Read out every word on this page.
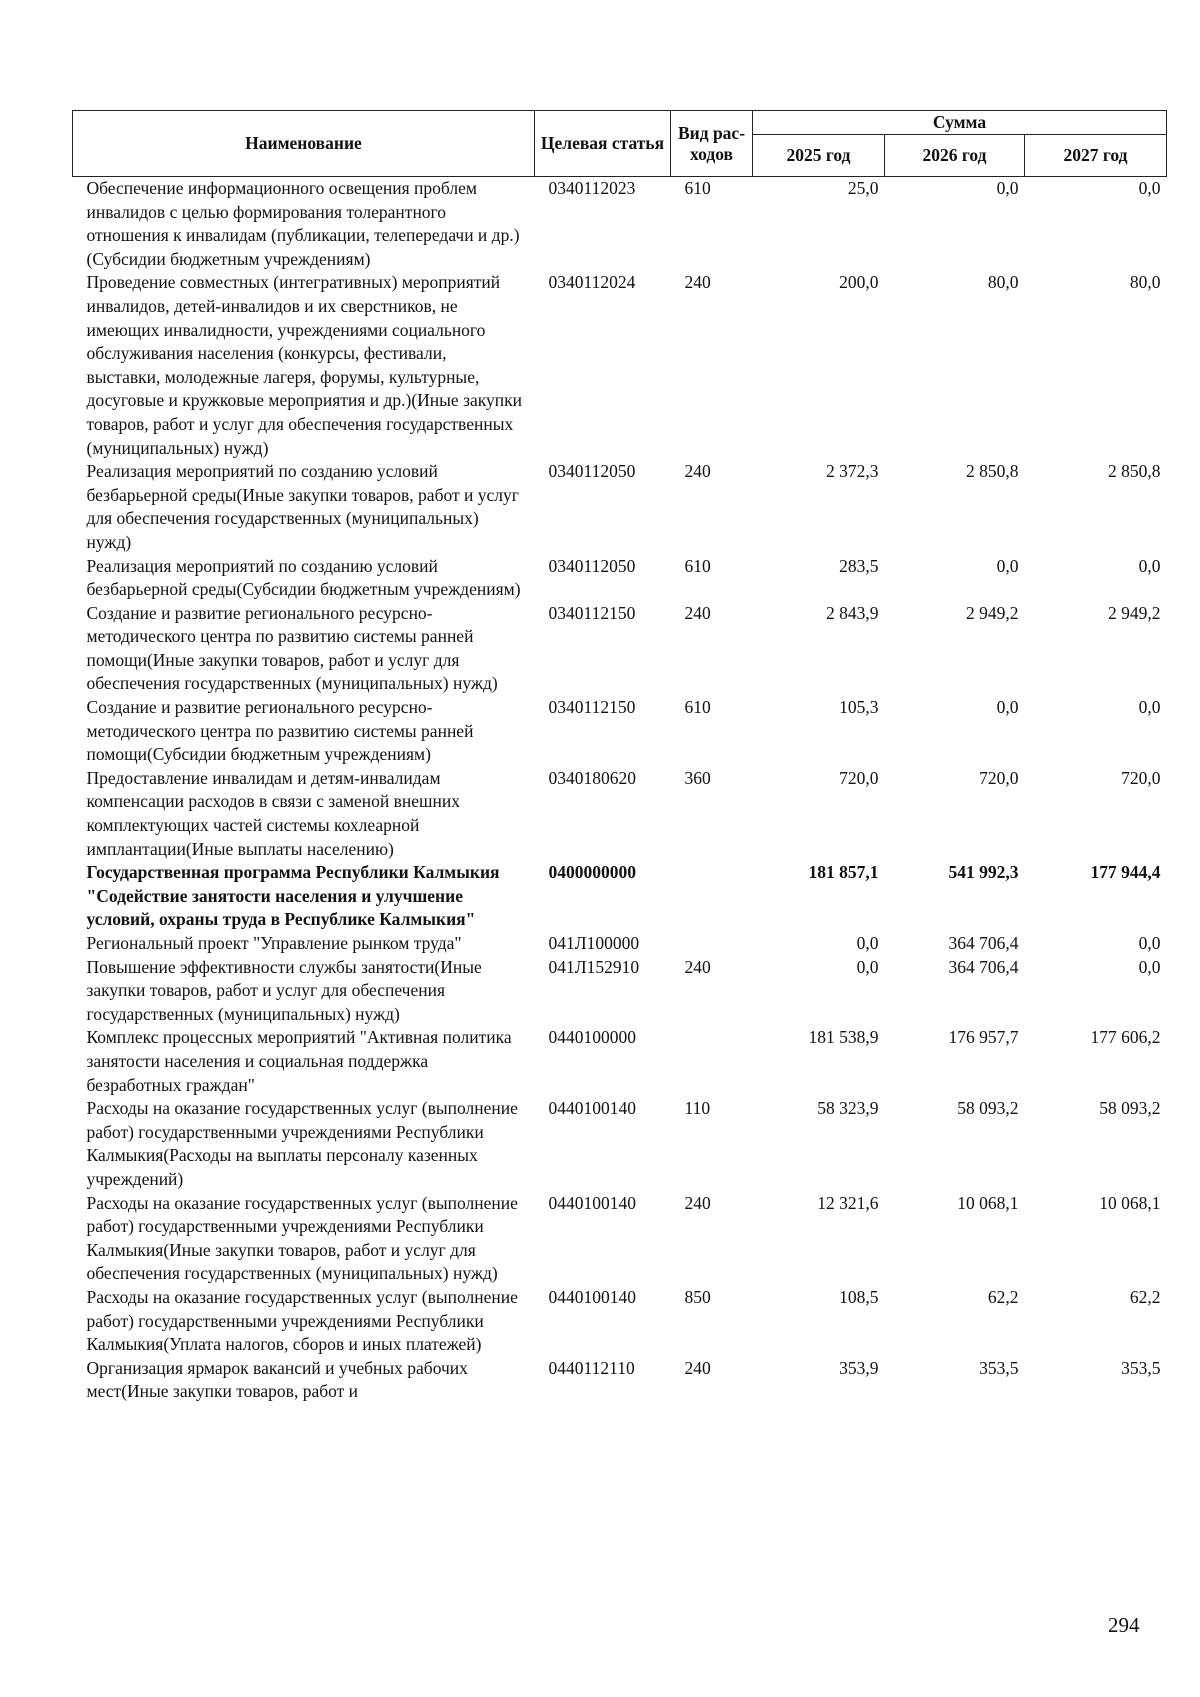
Наименование	Целевая статья	Вид рас-ходов	Сумма		
			2025 год	2026 год	2027 год
Обеспечение информационного освещения проблем инвалидов с целью формирования толерантного отношения к инвалидам (публикации, телепередачи и др.)(Субсидии бюджетным учреждениям)	0340112023	610	25,0	0,0	0,0
Проведение совместных (интегративных) мероприятий инвалидов, детей-инвалидов и их сверстников, не имеющих инвалидности, учреждениями социального обслуживания населения (конкурсы, фестивали, выставки, молодежные лагеря, форумы, культурные, досуговые и кружковые мероприятия и др.)(Иные закупки товаров, работ и услуг для обеспечения государственных (муниципальных) нужд)	0340112024	240	200,0	80,0	80,0
Реализация мероприятий по созданию условий безбарьерной среды(Иные закупки товаров, работ и услуг для обеспечения государственных (муниципальных) нужд)	0340112050	240	2 372,3	2 850,8	2 850,8
Реализация мероприятий по созданию условий безбарьерной среды(Субсидии бюджетным учреждениям)	0340112050	610	283,5	0,0	0,0
Создание и развитие регионального ресурсно-методического центра по развитию системы ранней помощи(Иные закупки товаров, работ и услуг для обеспечения государственных (муниципальных) нужд)	0340112150	240	2 843,9	2 949,2	2 949,2
Создание и развитие регионального ресурсно-методического центра по развитию системы ранней помощи(Субсидии бюджетным учреждениям)	0340112150	610	105,3	0,0	0,0
Предоставление инвалидам и детям-инвалидам компенсации расходов в связи с заменой внешних комплектующих частей системы кохлеарной имплантации(Иные выплаты населению)	0340180620	360	720,0	720,0	720,0
Государственная программа Республики Калмыкия "Содействие занятости населения и улучшение условий, охраны труда в Республике Калмыкия"	0400000000		181 857,1	541 992,3	177 944,4
Региональный проект "Управление рынком труда"	041Л100000		0,0	364 706,4	0,0
Повышение эффективности службы занятости(Иные закупки товаров, работ и услуг для обеспечения государственных (муниципальных) нужд)	041Л152910	240	0,0	364 706,4	0,0
Комплекс процессных мероприятий "Активная политика занятости населения и социальная поддержка безработных граждан"	0440100000		181 538,9	176 957,7	177 606,2
Расходы на оказание государственных услуг (выполнение работ) государственными учреждениями Республики Калмыкия(Расходы на выплаты персоналу казенных учреждений)	0440100140	110	58 323,9	58 093,2	58 093,2
Расходы на оказание государственных услуг (выполнение работ) государственными учреждениями Республики Калмыкия(Иные закупки товаров, работ и услуг для обеспечения государственных (муниципальных) нужд)	0440100140	240	12 321,6	10 068,1	10 068,1
Расходы на оказание государственных услуг (выполнение работ) государственными учреждениями Республики Калмыкия(Уплата налогов, сборов и иных платежей)	0440100140	850	108,5	62,2	62,2
Организация ярмарок вакансий и учебных рабочих мест(Иные закупки товаров, работ и	0440112110	240	353,9	353,5	353,5
294
